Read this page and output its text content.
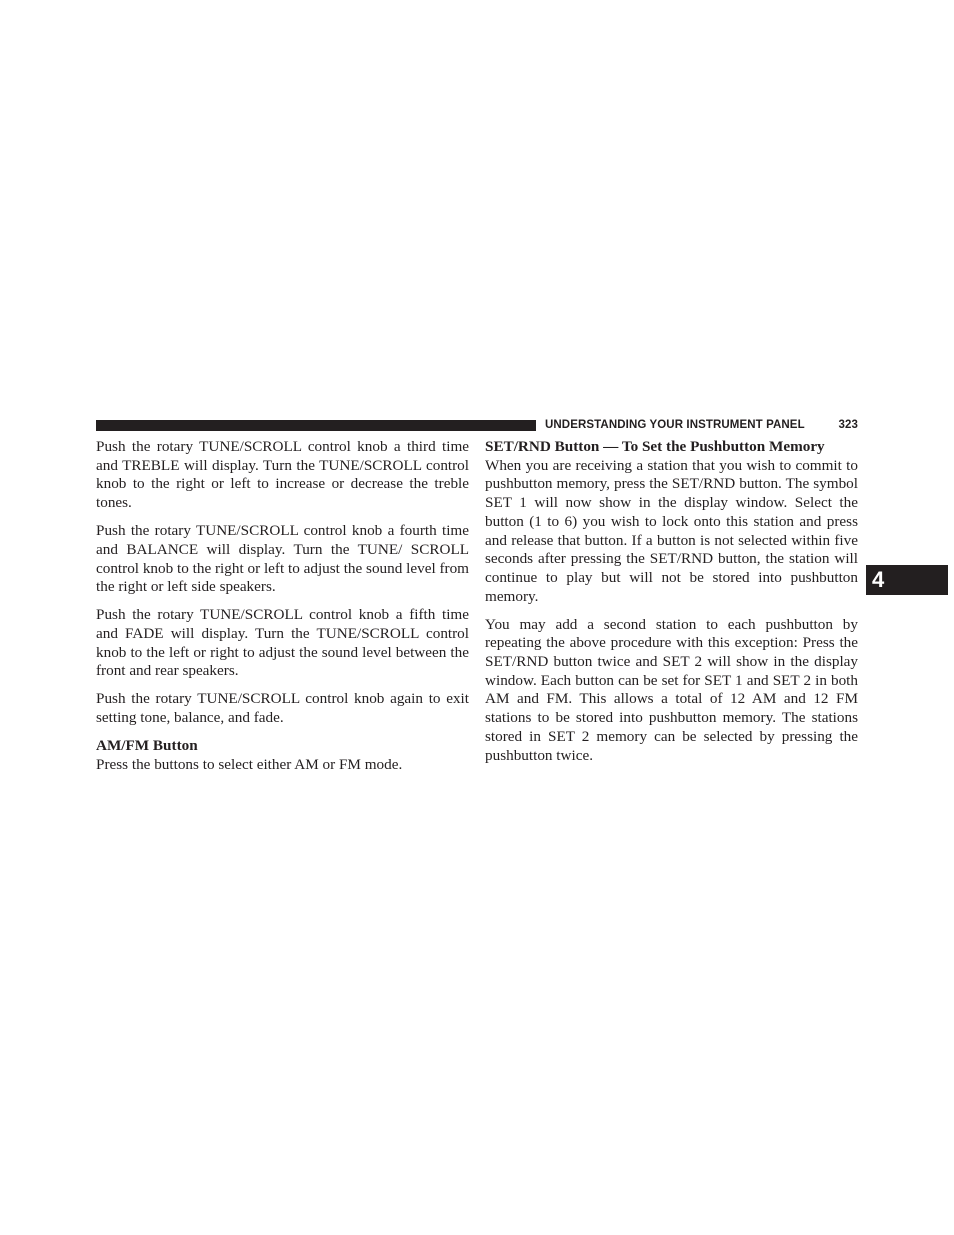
UNDERSTANDING YOUR INSTRUMENT PANEL	323
4

Push the rotary TUNE/SCROLL control knob a third time and TREBLE will display. Turn the TUNE/SCROLL control knob to the right or left to increase or decrease the treble tones.

Push the rotary TUNE/SCROLL control knob a fourth time and BALANCE will display. Turn the TUNE/ SCROLL control knob to the right or left to adjust the sound level from the right or left side speakers.

Push the rotary TUNE/SCROLL control knob a fifth time and FADE will display. Turn the TUNE/SCROLL control knob to the left or right to adjust the sound level between the front and rear speakers.

Push the rotary TUNE/SCROLL control knob again to exit setting tone, balance, and fade.

AM/FM Button

Press the buttons to select either AM or FM mode.

SET/RND Button — To Set the Pushbutton Memory

When you are receiving a station that you wish to commit to pushbutton memory, press the SET/RND button. The symbol SET 1 will now show in the display window. Select the button (1 to 6) you wish to lock onto this station and press and release that button. If a button is not selected within five seconds after pressing the SET/RND button, the station will continue to play but will not be stored into pushbutton memory.

You may add a second station to each pushbutton by repeating the above procedure with this exception: Press the SET/RND button twice and SET 2 will show in the display window. Each button can be set for SET 1 and SET 2 in both AM and FM. This allows a total of 12 AM and 12 FM stations to be stored into pushbutton memory. The stations stored in SET 2 memory can be selected by pressing the pushbutton twice.
